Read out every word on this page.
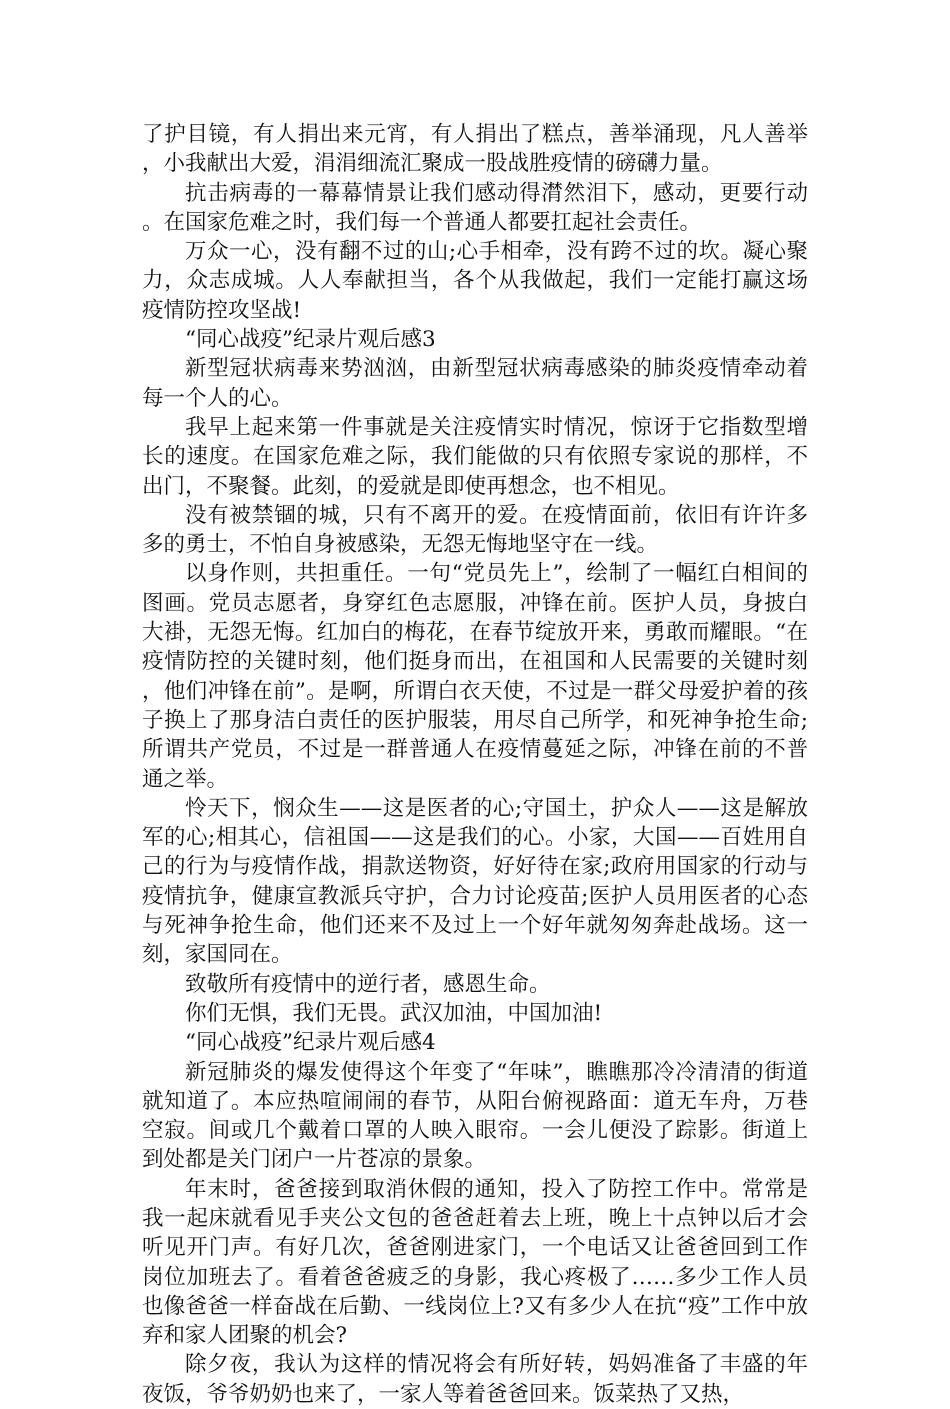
了护目镜，有人捐出来元宵，有人捐出了糕点，善举涌现，凡人善举，小我献出大爱，涓涓细流汇聚成一股战胜疫情的磅礴力量。

抗击病毒的一幕幕情景让我们感动得潸然泪下，感动，更要行动。在国家危难之时，我们每一个普通人都要扛起社会责任。

万众一心，没有翻不过的山;心手相牵，没有跨不过的坎。凝心聚力，众志成城。人人奉献担当，各个从我做起，我们一定能打赢这场疫情防控攻坚战!

“同心战疫”纪录片观后感3

新型冠状病毒来势汹汹，由新型冠状病毒感染的肺炎疫情牵动着每一个人的心。

我早上起来第一件事就是关注疫情实时情况，惊讶于它指数型增长的速度。在国家危难之际，我们能做的只有依照专家说的那样，不出门，不聚餐。此刻，的爱就是即使再想念，也不相见。

没有被禁锢的城，只有不离开的爱。在疫情面前，依旧有许许多多的勇士，不怕自身被感染，无怨无悔地坚守在一线。

以身作则，共担重任。一句“党员先上”，绘制了一幅红白相间的图画。党员志愿者，身穿红色志愿服，冲锋在前。医护人员，身披白大褂，无怨无悔。红加白的梅花，在春节绽放开来，勇敢而耀眼。“在疫情防控的关键时刻，他们挺身而出，在祖国和人民需要的关键时刻，他们冲锋在前”。是啊，所谓白衣天使，不过是一群父母爱护着的孩子换上了那身洁白责任的医护服装，用尽自己所学，和死神争抢生命;所谓共产党员，不过是一群普通人在疫情蔓延之际，冲锋在前的不普通之举。

怜天下，悯众生——这是医者的心;守国土，护众人——这是解放军的心;相其心，信祖国——这是我们的心。小家，大国——百姓用自己的行为与疫情作战，捐款送物资，好好待在家;政府用国家的行动与疫情抗争，健康宣教派兵守护，合力讨论疫苗;医护人员用医者的心态与死神争抢生命，他们还来不及过上一个好年就匆匆奔赴战场。这一刻，家国同在。

致敬所有疫情中的逆行者，感恩生命。

你们无惧，我们无畏。武汉加油，中国加油!

“同心战疫”纪录片观后感4

新冠肺炎的爆发使得这个年变了“年味”，瞧瞧那冷冷清清的街道就知道了。本应热喧闹闹的春节，从阳台俯视路面：道无车舟，万巷空寂。间或几个戴着口罩的人映入眼帘。一会儿便没了踪影。街道上到处都是关门闭户一片苍凉的景象。

年末时，爸爸接到取消休假的通知，投入了防控工作中。常常是我一起床就看见手夹公文包的爸爸赶着去上班，晚上十点钟以后才会听见开门声。有好几次，爸爸刚进家门，一个电话又让爸爸回到工作岗位加班去了。看着爸爸疲乏的身影，我心疼极了……多少工作人员也像爸爸一样奋战在后勤、一线岗位上?又有多少人在抗“疫”工作中放弃和家人团聚的机会?

除夕夜，我认为这样的情况将会有所好转，妈妈准备了丰盛的年夜饭，爷爷奶奶也来了，一家人等着爸爸回来。饭菜热了又热，
